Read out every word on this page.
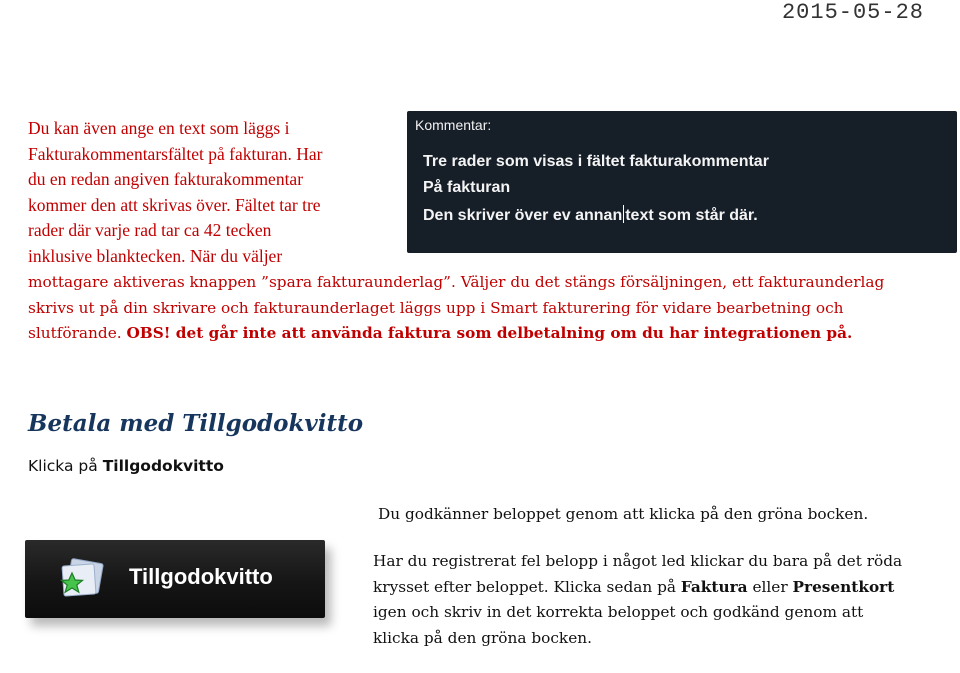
2015-05-28
Du kan även ange en text som läggs i
Fakturakommentarsfältet på fakturan. Har
du en redan angiven fakturakommentar
kommer den att skrivas över. Fältet tar tre
rader där varje rad tar ca 42 tecken
inklusive blanktecken. När du väljer
Kommentar:
Tre rader som visas i fältet fakturakommentar
På fakturan
Den skriver över ev annan text som står där.
mottagare aktiveras knappen ”spara fakturaunderlag”. Väljer du det stängs försäljningen, ett fakturaunderlag
skrivs ut på din skrivare och fakturaunderlaget läggs upp i Smart fakturering för vidare bearbetning och
slutförande. OBS! det går inte att använda faktura som delbetalning om du har integrationen på.
Betala med Tillgodokvitto
Klicka på Tillgodokvitto
Tillgodokvitto
Du godkänner beloppet genom att klicka på den gröna bocken.
Har du registrerat fel belopp i något led klickar du bara på det röda
krysset efter beloppet. Klicka sedan på Faktura eller Presentkort
igen och skriv in det korrekta beloppet och godkänd genom att
klicka på den gröna bocken.
